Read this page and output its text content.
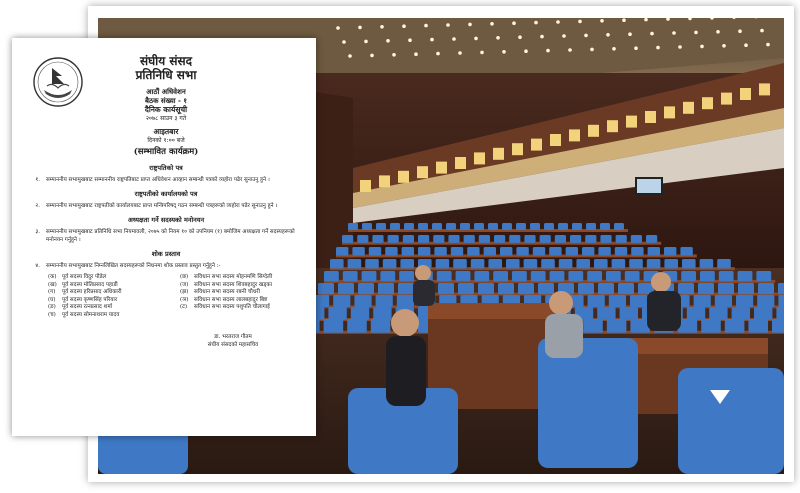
संघीय संसद
प्रतिनिधि सभा
आठौं अधिवेशन
बैठक संख्या - १
दैनिक कार्यसूची
२०७८ साउन ३ गते
आइतबार
दिनको १:०० बजे
(सम्भावित कार्यक्रम)
राष्ट्रपतिको पत्र
१. सम्माननीय सभामुखबाट सम्माननीय राष्ट्रपतिबाट प्राप्त अधिवेशन आव्हान सम्बन्धी पत्रको व्यहोरा पढेर सुनाउनु हुने ।
राष्ट्रपतीको कार्यालयको पत्र
२. सम्माननीय सभामुखबाट राष्ट्रपतीको कार्यालयबाट प्राप्त मन्त्रिपरिषद् गठन सम्बन्धी पत्रहरूको व्यहोरा पढेर सुनाउनु हुने ।
अध्यक्षता गर्ने सदस्यको मनोनयन
३. सम्माननीय सभामुखबाट प्रतिनिधि सभा नियमावली, २०७५ को नियम १० को उपनियम (१) बमोजिम अध्यक्षता गर्ने सदस्यहरूको मनोनयन गर्नुहुने ।
शोक प्रस्ताव
४. सम्माननीय सभामुखबाट निम्नलिखित सदस्यहरूको निधनमा शोक प्रस्ताव प्रस्तुत गर्नुहुने :-
(क) पूर्व सदस्य विदुर पौडेल
(ख) पूर्व सदस्य मोतिप्रसाद पहाडी
(ग) पूर्व सदस्य हरिप्रसाद अधिकारी
(घ) पूर्व सदस्य कृष्णसिंह परियार
(ङ) पूर्व सदस्य रत्नप्रसाद शर्मा
(च) पूर्व सदस्य सोमनाथराम यादव
(छ) सविधान सभा सदस्य मोहनमणि सिग्देली
(ज) सविधान सभा सदस्य शिवबहादुर खड्का
(झ) सविधान सभा सदस्य रबनी चौधरी
(ञ) सविधान सभा सदस्य लालबहादुर बिष्ट
(ट) सविधान सभा सदस्य पशुपति चौलागाई
डा. भरतराज गौतम
संघीय संसदको महासचिव
